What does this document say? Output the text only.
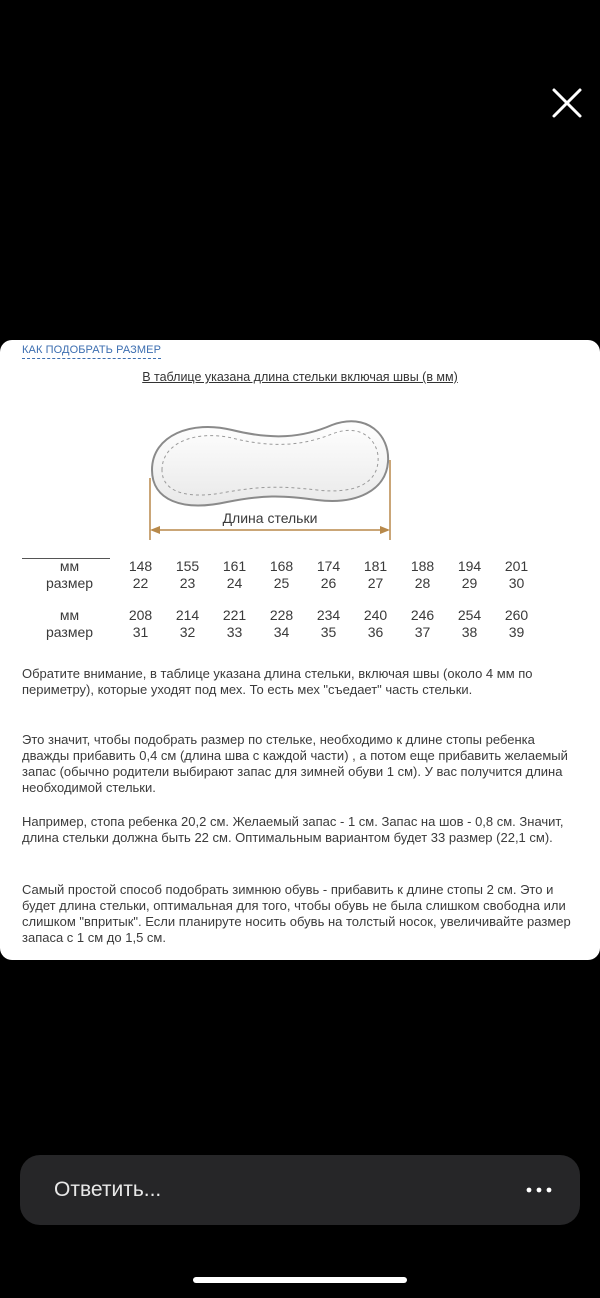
КАК ПОДОБРАТЬ РАЗМЕР
В таблице указана длина стельки включая швы (в мм)
Длина стельки
мм	148	155	161	168	174	181	188	194	201
размер	22	23	24	25	26	27	28	29	30

мм	208	214	221	228	234	240	246	254	260
размер	31	32	33	34	35	36	37	38	39

Обратите внимание, в таблице указана длина стельки, включая швы (около 4 мм по периметру), которые уходят под мех. То есть мех "съедает" часть стельки.

Это значит, чтобы подобрать размер по стельке, необходимо к длине стопы ребенка дважды прибавить 0,4 см (длина шва с каждой части) , а потом еще прибавить желаемый запас (обычно родители выбирают запас для зимней обуви 1 см). У вас получится длина необходимой стельки.

Например, стопа ребенка 20,2 см. Желаемый запас - 1 см. Запас на шов - 0,8 см. Значит, длина стельки должна быть 22 см. Оптимальным вариантом будет 33 размер (22,1 см).

Самый простой способ подобрать зимнюю обувь - прибавить к длине стопы 2 см. Это и будет длина стельки, оптимальная для того, чтобы обувь не была слишком свободна или слишком "впритык". Если планируте носить обувь на толстый носок, увеличивайте размер запаса с 1 см до 1,5 см.

Ответить...
